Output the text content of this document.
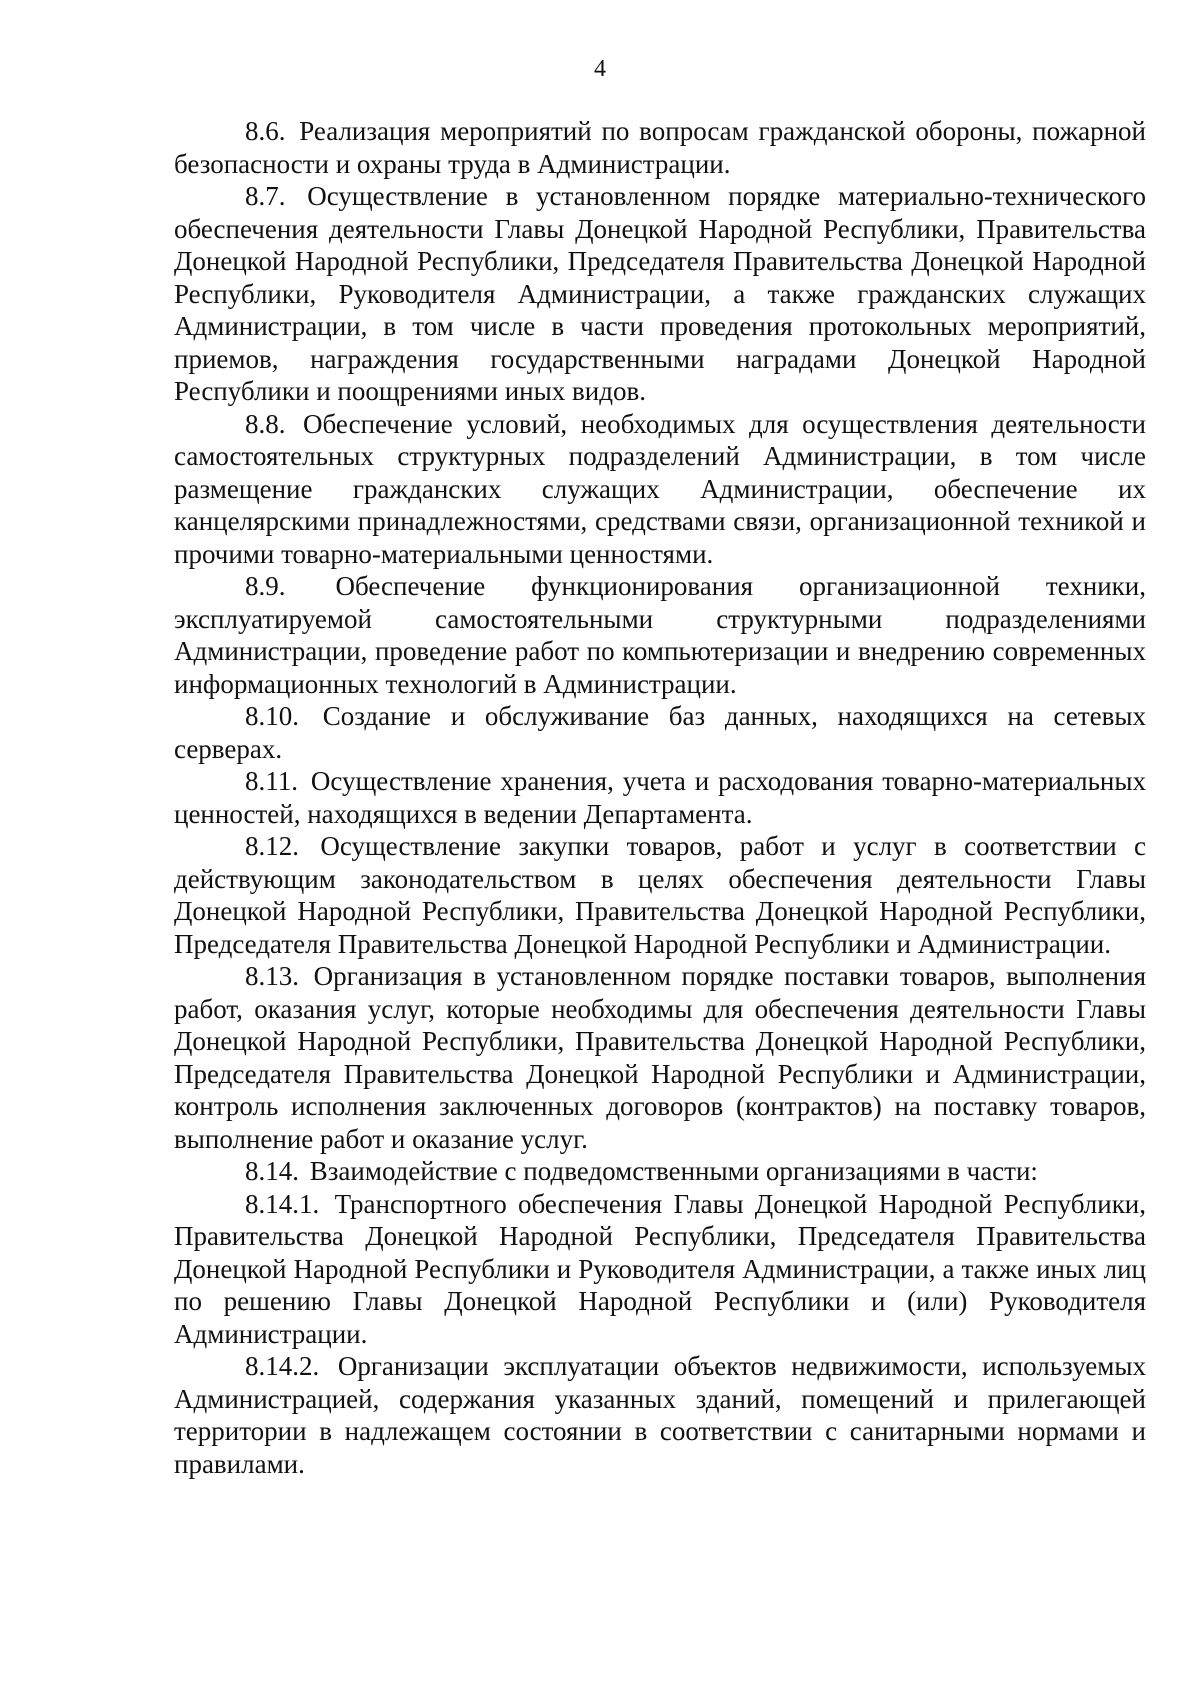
4

8.6. Реализация мероприятий по вопросам гражданской обороны, пожарной безопасности и охраны труда в Администрации.

8.7. Осуществление в установленном порядке материально-технического обеспечения деятельности Главы Донецкой Народной Республики, Правительства Донецкой Народной Республики, Председателя Правительства Донецкой Народной Республики, Руководителя Администрации, а также гражданских служащих Администрации, в том числе в части проведения протокольных мероприятий, приемов, награждения государственными наградами Донецкой Народной Республики и поощрениями иных видов.

8.8. Обеспечение условий, необходимых для осуществления деятельности самостоятельных структурных подразделений Администрации, в том числе размещение гражданских служащих Администрации, обеспечение их канцелярскими принадлежностями, средствами связи, организационной техникой и прочими товарно-материальными ценностями.

8.9. Обеспечение функционирования организационной техники, эксплуатируемой самостоятельными структурными подразделениями Администрации, проведение работ по компьютеризации и внедрению современных информационных технологий в Администрации.

8.10. Создание и обслуживание баз данных, находящихся на сетевых серверах.

8.11. Осуществление хранения, учета и расходования товарно-материальных ценностей, находящихся в ведении Департамента.

8.12. Осуществление закупки товаров, работ и услуг в соответствии с действующим законодательством в целях обеспечения деятельности Главы Донецкой Народной Республики, Правительства Донецкой Народной Республики, Председателя Правительства Донецкой Народной Республики и Администрации.

8.13. Организация в установленном порядке поставки товаров, выполнения работ, оказания услуг, которые необходимы для обеспечения деятельности Главы Донецкой Народной Республики, Правительства Донецкой Народной Республики, Председателя Правительства Донецкой Народной Республики и Администрации, контроль исполнения заключенных договоров (контрактов) на поставку товаров, выполнение работ и оказание услуг.

8.14. Взаимодействие с подведомственными организациями в части:

8.14.1. Транспортного обеспечения Главы Донецкой Народной Республики, Правительства Донецкой Народной Республики, Председателя Правительства Донецкой Народной Республики и Руководителя Администрации, а также иных лиц по решению Главы Донецкой Народной Республики и (или) Руководителя Администрации.

8.14.2. Организации эксплуатации объектов недвижимости, используемых Администрацией, содержания указанных зданий, помещений и прилегающей территории в надлежащем состоянии в соответствии с санитарными нормами и правилами.
